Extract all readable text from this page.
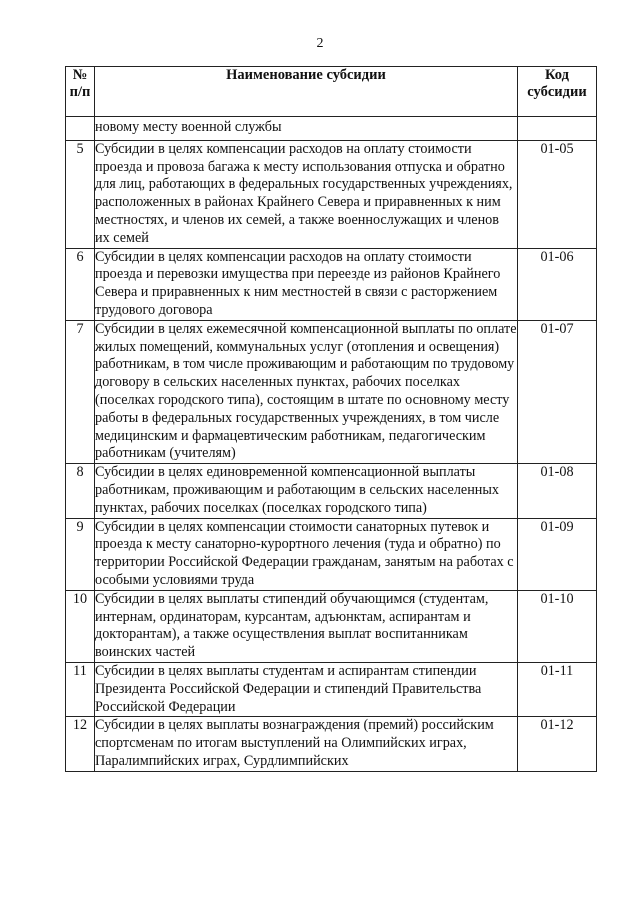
2
№ п/п	Наименование субсидии	Код субсидии
	новому месту военной службы	
5	Субсидии в целях компенсации расходов на оплату стоимости проезда и провоза багажа к месту использования отпуска и обратно для лиц, работающих в федеральных государственных учреждениях, расположенных в районах Крайнего Севера и приравненных к ним местностях, и членов их семей, а также военнослужащих и членов их семей	01-05
6	Субсидии в целях компенсации расходов на оплату стоимости проезда и перевозки имущества при переезде из районов Крайнего Севера и приравненных к ним местностей в связи с расторжением трудового договора	01-06
7	Субсидии в целях ежемесячной компенсационной выплаты по оплате жилых помещений, коммунальных услуг (отопления и освещения) работникам, в том числе проживающим и работающим по трудовому договору в сельских населенных пунктах, рабочих поселках (поселках городского типа), состоящим в штате по основному месту работы в федеральных государственных учреждениях, в том числе медицинским и фармацевтическим работникам, педагогическим работникам (учителям)	01-07
8	Субсидии в целях единовременной компенсационной выплаты работникам, проживающим и работающим в сельских населенных пунктах, рабочих поселках (поселках городского типа)	01-08
9	Субсидии в целях компенсации стоимости санаторных путевок и проезда к месту санаторно-курортного лечения (туда и обратно) по территории Российской Федерации гражданам, занятым на работах с особыми условиями труда	01-09
10	Субсидии в целях выплаты стипендий обучающимся (студентам, интернам, ординаторам, курсантам, адъюнктам, аспирантам и докторантам), а также осуществления выплат воспитанникам воинских частей	01-10
11	Субсидии в целях выплаты студентам и аспирантам стипендии Президента Российской Федерации и стипендий Правительства Российской Федерации	01-11
12	Субсидии в целях выплаты вознаграждения (премий) российским спортсменам по итогам выступлений на Олимпийских играх, Паралимпийских играх, Сурдлимпийских	01-12
